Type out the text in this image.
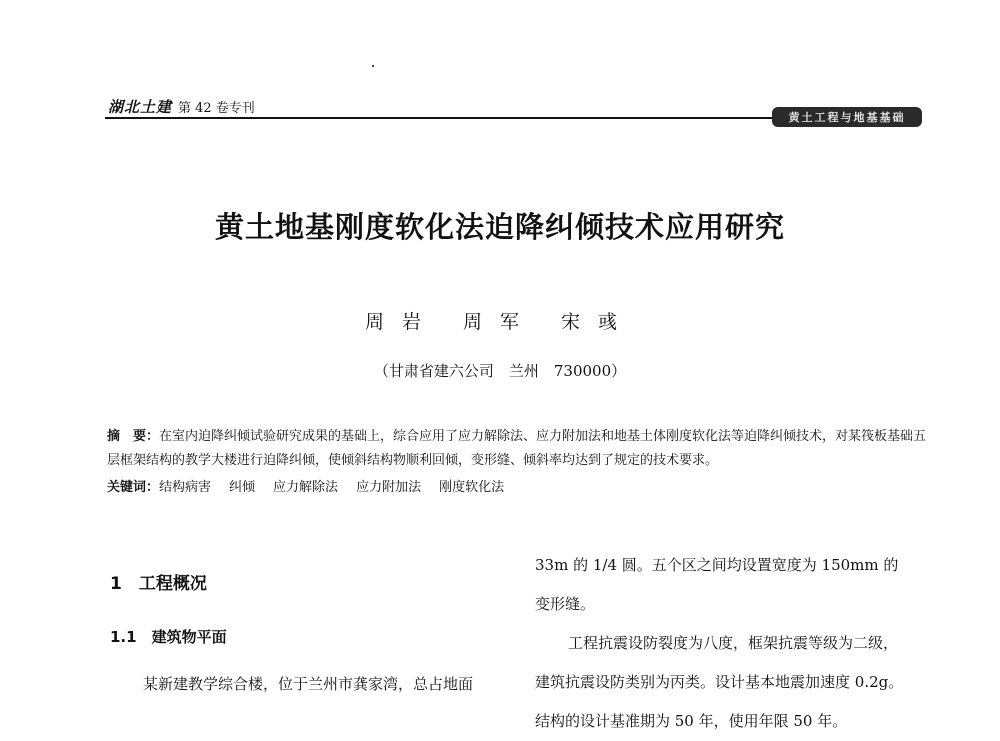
湖北土建 第 42 卷专刊
黄土工程与地基基础
黄土地基刚度软化法迫降纠倾技术应用研究
周岩 周军 宋彧
（甘肃省建六公司　兰州　730000）
摘　要：在室内迫降纠倾试验研究成果的基础上，综合应用了应力解除法、应力附加法和地基土体刚度软化法等迫降纠倾技术，对某筏板基础五层框架结构的教学大楼进行迫降纠倾，使倾斜结构物顺利回倾，变形缝、倾斜率均达到了规定的技术要求。
关键词：结构病害 纠倾 应力解除法 应力附加法 刚度软化法
1　工程概况
1.1　建筑物平面
某新建教学综合楼，位于兰州市龚家湾，总占地面

33m 的 1/4 圆。五个区之间均设置宽度为 150mm 的

变形缝。

工程抗震设防裂度为八度，框架抗震等级为二级，

建筑抗震设防类别为丙类。设计基本地震加速度 0.2g。

结构的设计基准期为 50 年，使用年限 50 年。
